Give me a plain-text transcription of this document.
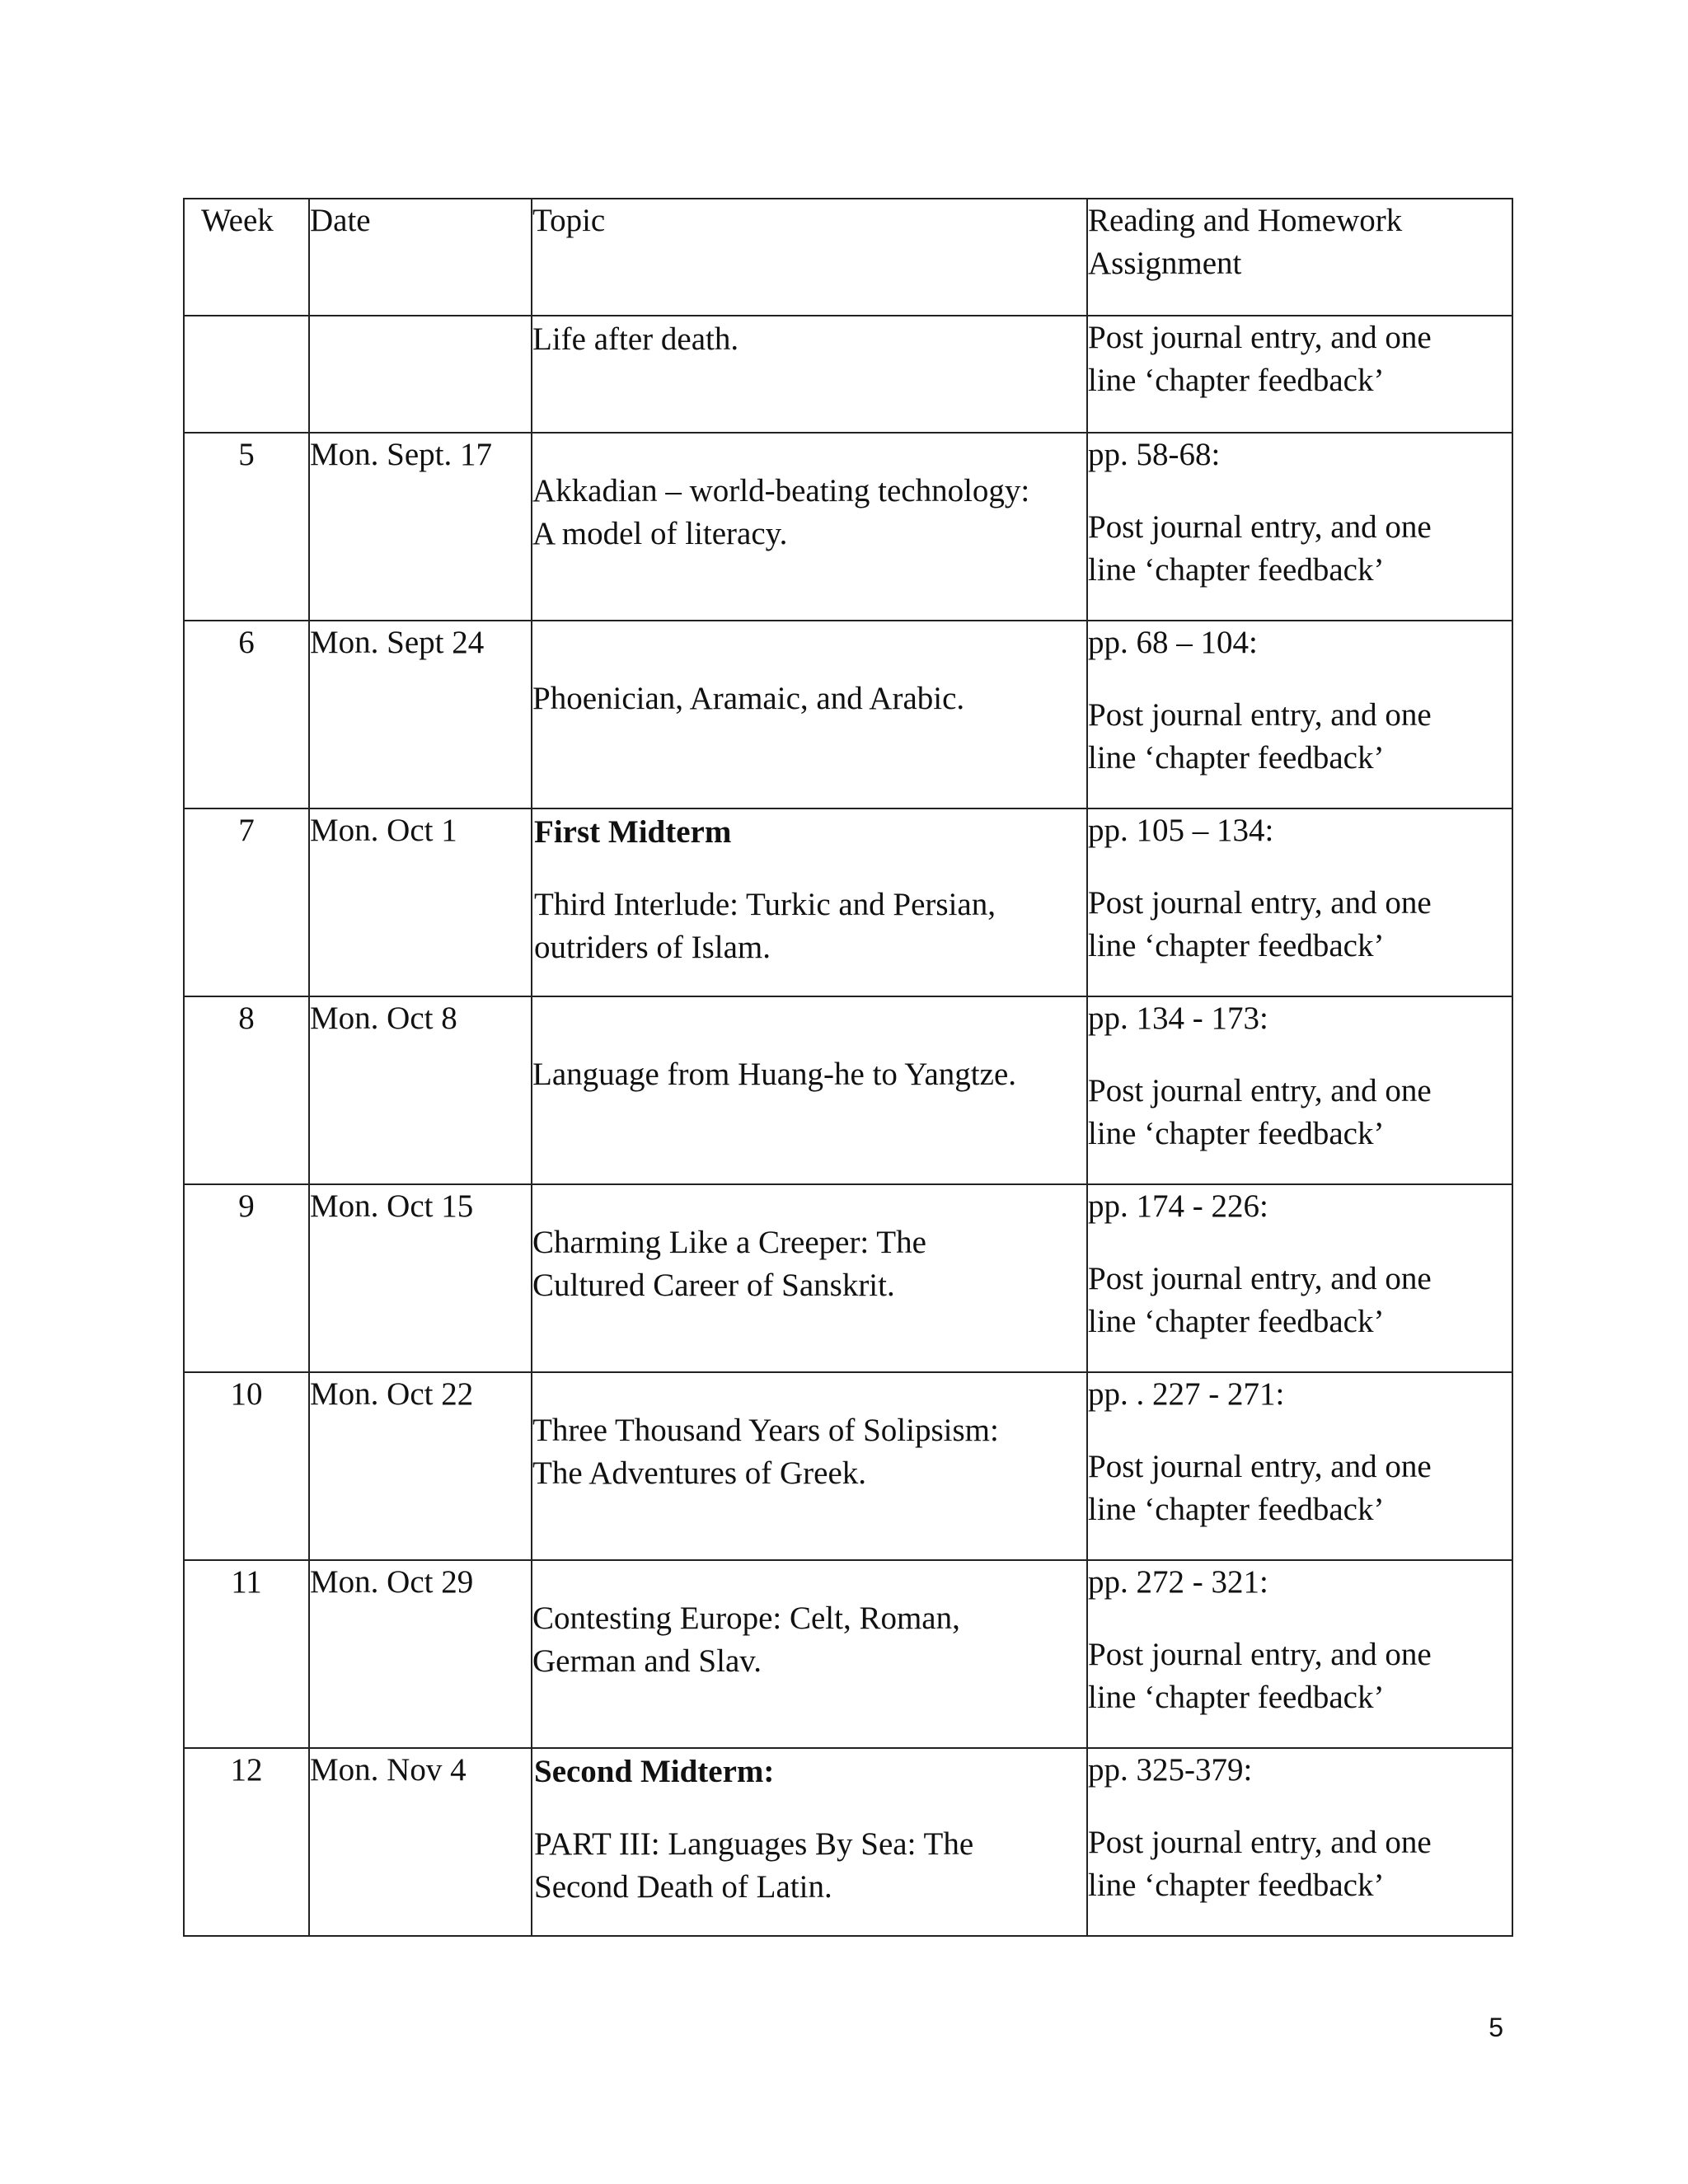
Week	Date	Topic	Reading and Homework
Assignment

		Life after death.	Post journal entry, and one
line ‘chapter feedback’

5	Mon. Sept. 17	Akkadian – world-beating technology:
A model of literacy.	pp. 58-68:
Post journal entry, and one
line ‘chapter feedback’

6	Mon. Sept 24	Phoenician, Aramaic, and Arabic.	pp. 68 – 104:
Post journal entry, and one
line ‘chapter feedback’

7	Mon. Oct 1	First Midterm
Third Interlude: Turkic and Persian,
outriders of Islam.	pp. 105 – 134:
Post journal entry, and one
line ‘chapter feedback’

8	Mon. Oct 8	Language from Huang-he to Yangtze.	pp. 134 - 173:
Post journal entry, and one
line ‘chapter feedback’

9	Mon. Oct 15	Charming Like a Creeper: The
Cultured Career of Sanskrit.	pp. 174 - 226:
Post journal entry, and one
line ‘chapter feedback’

10	Mon. Oct 22	Three Thousand Years of Solipsism:
The Adventures of Greek.	pp. . 227 - 271:
Post journal entry, and one
line ‘chapter feedback’

11	Mon. Oct 29	Contesting Europe: Celt, Roman,
German and Slav.	pp. 272 - 321:
Post journal entry, and one
line ‘chapter feedback’

12	Mon. Nov 4	Second Midterm:
PART III: Languages By Sea: The
Second Death of Latin.	pp. 325-379:
Post journal entry, and one
line ‘chapter feedback’
5
